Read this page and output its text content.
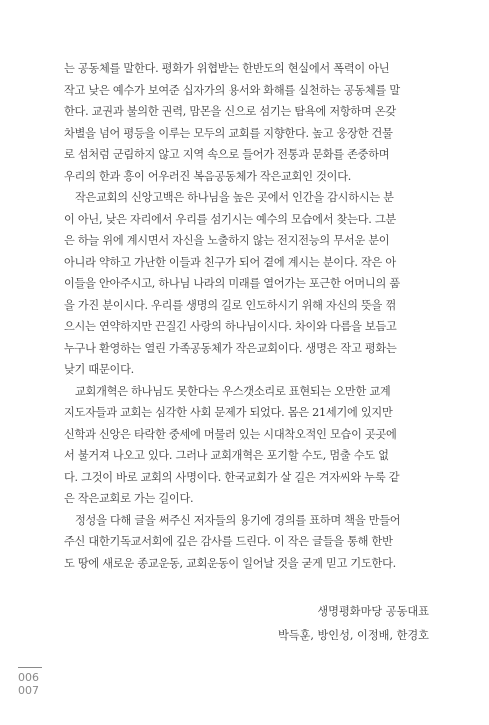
는 공동체를 말한다. 평화가 위협받는 한반도의 현실에서 폭력이 아닌
작고 낮은 예수가 보여준 십자가의 용서와 화해를 실천하는 공동체를 말
한다. 교권과 불의한 권력, 맘몬을 신으로 섬기는 탐욕에 저항하며 온갖
차별을 넘어 평등을 이루는 모두의 교회를 지향한다. 높고 웅장한 건물
로 섬처럼 군림하지 않고 지역 속으로 들어가 전통과 문화를 존중하며
우리의 한과 흥이 어우러진 복음공동체가 작은교회인 것이다.

작은교회의 신앙고백은 하나님을 높은 곳에서 인간을 감시하시는 분
이 아닌, 낮은 자리에서 우리를 섬기시는 예수의 모습에서 찾는다. 그분
은 하늘 위에 계시면서 자신을 노출하지 않는 전지전능의 무서운 분이
아니라 약하고 가난한 이들과 친구가 되어 곁에 계시는 분이다. 작은 아
이들을 안아주시고, 하나님 나라의 미래를 열어가는 포근한 어머니의 품
을 가진 분이시다. 우리를 생명의 길로 인도하시기 위해 자신의 뜻을 꺾
으시는 연약하지만 끈질긴 사랑의 하나님이시다. 차이와 다름을 보듬고
누구나 환영하는 열린 가족공동체가 작은교회이다. 생명은 작고 평화는
낮기 때문이다.

교회개혁은 하나님도 못한다는 우스갯소리로 표현되는 오만한 교계
지도자들과 교회는 심각한 사회 문제가 되었다. 몸은 21세기에 있지만
신학과 신앙은 타락한 중세에 머물러 있는 시대착오적인 모습이 곳곳에
서 불거져 나오고 있다. 그러나 교회개혁은 포기할 수도, 멈출 수도 없
다. 그것이 바로 교회의 사명이다. 한국교회가 살 길은 겨자씨와 누룩 같
은 작은교회로 가는 길이다.

정성을 다해 글을 써주신 저자들의 용기에 경의를 표하며 책을 만들어
주신 대한기독교서회에 깊은 감사를 드린다. 이 작은 글들을 통해 한반
도 땅에 새로운 종교운동, 교회운동이 일어날 것을 굳게 믿고 기도한다.

생명평화마당 공동대표
박득훈, 방인성, 이정배, 한경호
006
007
